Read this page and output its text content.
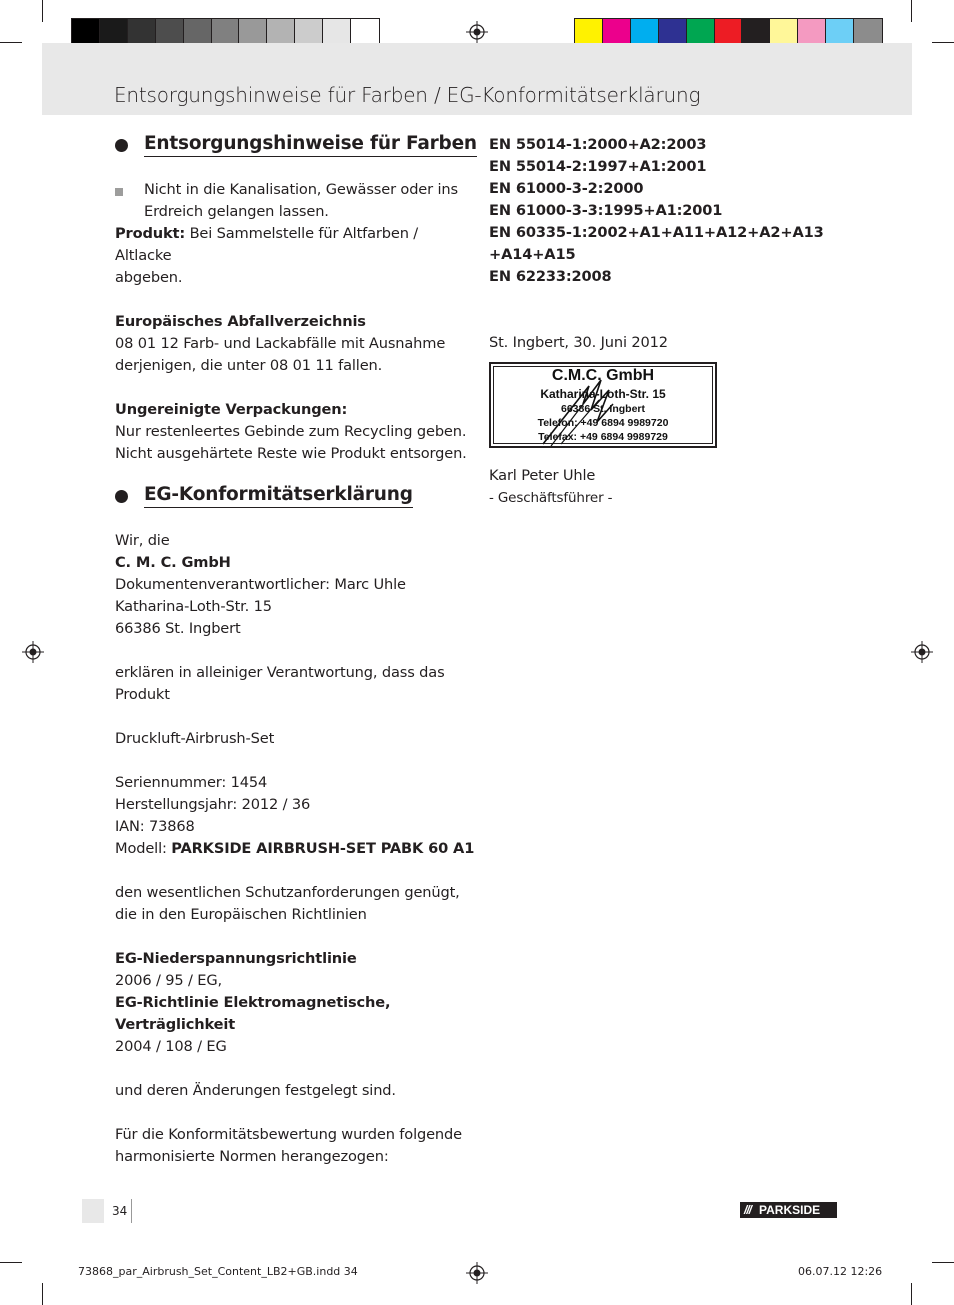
Entsorgungshinweise für Farben / EG-Konformitätserklärung
Entsorgungshinweise für Farben

Nicht in die Kanalisation, Gewässer oder ins

Erdreich gelangen lassen.

Produkt: Bei Sammelstelle für Altfarben / Altlacke

abgeben.

Europäisches Abfallverzeichnis

08 01 12 Farb- und Lackabfälle mit Ausnahme

derjenigen, die unter 08 01 11 fallen.

Ungereinigte Verpackungen:

Nur restenleertes Gebinde zum Recycling geben.

Nicht ausgehärtete Reste wie Produkt entsorgen.

EG-Konformitätserklärung

Wir, die

C. M. C. GmbH

Dokumentenverantwortlicher: Marc Uhle

Katharina-Loth-Str. 15

66386 St. Ingbert

erklären in alleiniger Verantwortung, dass das Produkt

Druckluft-Airbrush-Set

Seriennummer: 1454

Herstellungsjahr: 2012 / 36

IAN: 73868

Modell: PARKSIDE AIRBRUSH-SET PABK 60 A1

den wesentlichen Schutzanforderungen genügt,

die in den Europäischen Richtlinien

EG-Niederspannungsrichtlinie

2006 / 95 / EG,

EG-Richtlinie Elektromagnetische,

Verträglichkeit

2004 / 108 / EG

und deren Änderungen festgelegt sind.

Für die Konformitätsbewertung wurden folgende

harmonisierte Normen herangezogen:

EN 55014-1:2000+A2:2003

EN 55014-2:1997+A1:2001

EN 61000-3-2:2000

EN 61000-3-3:1995+A1:2001

EN 60335-1:2002+A1+A11+A12+A2+A13

+A14+A15

EN 62233:2008

St. Ingbert, 30. Juni 2012
C.M.C. GmbH
Katharina-Loth-Str. 15
66386 St. Ingbert
Telefon: +49 6894 9989720
Telefax: +49 6894 9989729

Karl Peter Uhle

- Geschäftsführer -

34	/// PARKSIDE
73868_par_Airbrush_Set_Content_LB2+GB.indd 34	06.07.12 12:26
